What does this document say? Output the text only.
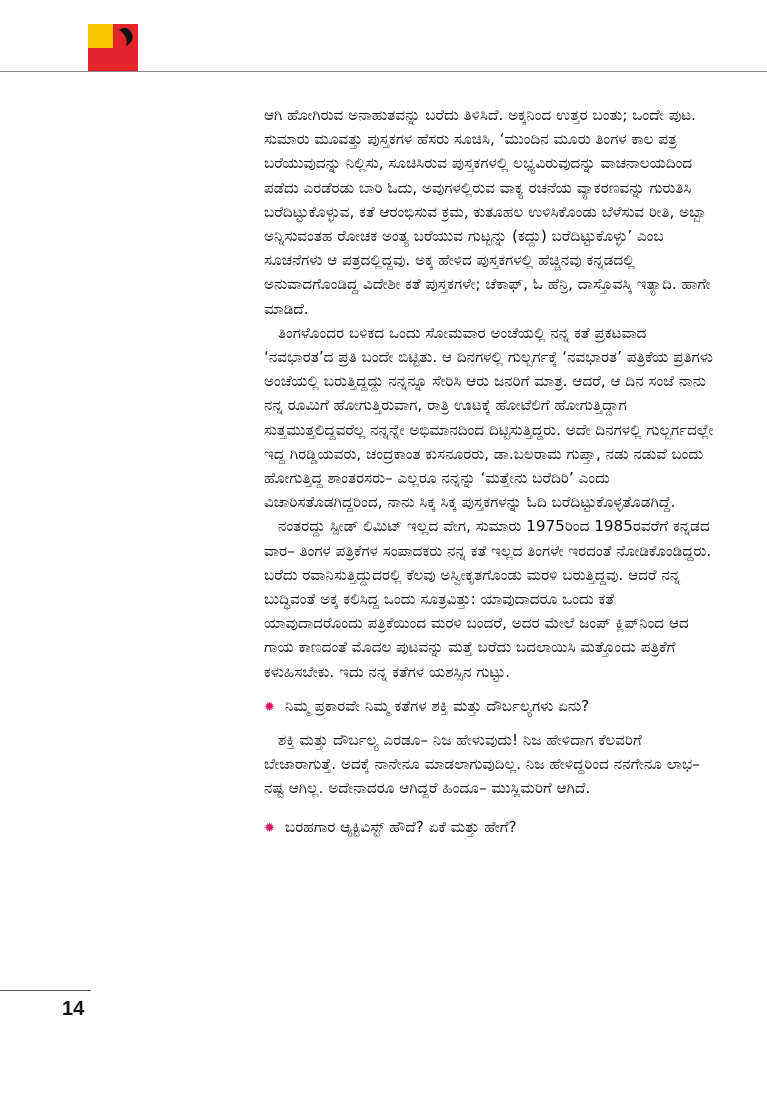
ಆಗಿ ಹೋಗಿರುವ ಅನಾಹುತವನ್ನು ಬರೆದು ತಿಳಿಸಿದೆ. ಅಕ್ಕನಿಂದ ಉತ್ತರ ಬಂತು; ಒಂದೇ ಪುಟ. ಸುಮಾರು ಮೂವತ್ತು ಪುಸ್ತಕಗಳ ಹೆಸರು ಸೂಚಿಸಿ, ‘ಮುಂದಿನ ಮೂರು ತಿಂಗಳ ಕಾಲ ಪತ್ರ ಬರೆಯುವುದನ್ನು ನಿಲ್ಲಿಸು, ಸೂಚಿಸಿರುವ ಪುಸ್ತಕಗಳಲ್ಲಿ ಲಭ್ಯವಿರುವುದನ್ನು ವಾಚನಾಲಯದಿಂದ ಪಡೆದು ಎರಡೆರಡು ಬಾರಿ ಓದು, ಅವುಗಳಲ್ಲಿರುವ ವಾಕ್ಯ ರಚನೆಯ ವ್ಯಾಕರಣವನ್ನು ಗುರುತಿಸಿ ಬರೆದಿಟ್ಟುಕೊಳ್ಳುವ, ಕತೆ ಆರಂಭಿಸುವ ಕ್ರಮ, ಕುತೂಹಲ ಉಳಿಸಿಕೊಂಡು ಬೆಳೆಸುವ ರೀತಿ, ಅಬ್ಬಾ ಅನ್ನಿಸುವಂತಹ ರೋಚಕ ಅಂತ್ಯ ಬರೆಯುವ ಗುಟ್ಟನ್ನು (ಕದ್ದು) ಬರೆದಿಟ್ಟುಕೊಳ್ಳು’ ಎಂಬ ಸೂಚನೆಗಳು ಆ ಪತ್ರದಲ್ಲಿದ್ದವು. ಅಕ್ಕ ಹೇಳಿದ ಪುಸ್ತಕಗಳಲ್ಲಿ ಹೆಚ್ಚಿನವು ಕನ್ನಡದಲ್ಲಿ ಅನುವಾದಗೊಂಡಿದ್ದ ವಿದೇಶೀ ಕತೆ ಪುಸ್ತಕಗಳೇ; ಚೆಕಾಫ್, ಓ ಹೆನ್ರಿ, ದಾಸ್ತೊವಸ್ಕಿ ಇತ್ಯಾದಿ. ಹಾಗೇ ಮಾಡಿದೆ.

ತಿಂಗಳೊಂದರ ಬಳಿಕದ ಒಂದು ಸೋಮವಾರ ಅಂಚೆಯಲ್ಲಿ ನನ್ನ ಕತೆ ಪ್ರಕಟವಾದ ‘ನವಭಾರತ’ದ ಪ್ರತಿ ಬಂದೇ ಬಿಟ್ಟಿತು. ಆ ದಿನಗಳಲ್ಲಿ ಗುಲ್ಬರ್ಗಕ್ಕೆ ‘ನವಭಾರತ’ ಪತ್ರಿಕೆಯ ಪ್ರತಿಗಳು ಅಂಚೆಯಲ್ಲಿ ಬರುತ್ತಿದ್ದದ್ದು ನನ್ನನ್ನೂ ಸೇರಿಸಿ ಆರು ಜನರಿಗೆ ಮಾತ್ರ. ಆದರೆ, ಆ ದಿನ ಸಂಜೆ ನಾನು ನನ್ನ ರೂಮಿಗೆ ಹೋಗುತ್ತಿರುವಾಗ, ರಾತ್ರಿ ಊಟಕ್ಕೆ ಹೋಟೆಲಿಗೆ ಹೋಗುತ್ತಿದ್ದಾಗ ಸುತ್ತಮುತ್ತಲಿದ್ದವರೆಲ್ಲ ನನ್ನನ್ನೇ ಅಭಿಮಾನದಿಂದ ದಿಟ್ಟಿಸುತ್ತಿದ್ದರು. ಅದೇ ದಿನಗಳಲ್ಲಿ ಗುಲ್ಬರ್ಗದಲ್ಲೇ ಇದ್ದ ಗಿರಡ್ಡಿಯವರು, ಚಂದ್ರಕಾಂತ ಕುಸನೂರರು, ಡಾ.ಬಲರಾಮ ಗುಪ್ತಾ, ನಡು ನಡುವೆ ಬಂದು ಹೋಗುತ್ತಿದ್ದ ಶಾಂತರಸರು– ಎಲ್ಲರೂ ನನ್ನನ್ನು ‘ಮತ್ತೇನು ಬರೆದಿರಿ’ ಎಂದು ವಿಚಾರಿಸತೊಡಗಿದ್ದರಿಂದ, ನಾನು ಸಿಕ್ಕ ಸಿಕ್ಕ ಪುಸ್ತಕಗಳನ್ನು ಓದಿ ಬರೆದಿಟ್ಟುಕೊಳ್ಳತೊಡಗಿದ್ದೆ.

ನಂತರದ್ದು ಸ್ಪೀಡ್ ಲಿಮಿಟ್ ಇಲ್ಲದ ವೇಗ, ಸುಮಾರು 1975ರಿಂದ 1985ರವರೆಗೆ ಕನ್ನಡದ ವಾರ– ತಿಂಗಳ ಪತ್ರಿಕೆಗಳ ಸಂಪಾದಕರು ನನ್ನ ಕತೆ ಇಲ್ಲದ ತಿಂಗಳೇ ಇರದಂತೆ ನೋಡಿಕೊಂಡಿದ್ದರು. ಬರೆದು ರವಾನಿಸುತ್ತಿದ್ದುದರಲ್ಲಿ ಕೆಲವು ಅಸ್ವೀಕೃತಗೊಂಡು ಮರಳಿ ಬರುತ್ತಿದ್ದವು. ಆದರೆ ನನ್ನ ಬುದ್ಧಿವಂತೆ ಅಕ್ಕ ಕಲಿಸಿದ್ದ ಒಂದು ಸೂತ್ರವಿತ್ತು: ಯಾವುದಾದರೂ ಒಂದು ಕತೆ ಯಾವುದಾದರೊಂದು ಪತ್ರಿಕೆಯಿಂದ ಮರಳಿ ಬಂದರೆ, ಅದರ ಮೇಲೆ ಜಂಪ್ ಕ್ಲಿಪ್‌ನಿಂದ ಆದ ಗಾಯ ಕಾಣದಂತೆ ಮೊದಲ ಪುಟವನ್ನು ಮತ್ತೆ ಬರೆದು ಬದಲಾಯಿಸಿ ಮತ್ತೊಂದು ಪತ್ರಿಕೆಗೆ ಕಳುಹಿಸಬೇಕು. ಇದು ನನ್ನ ಕತೆಗಳ ಯಶಸ್ಸಿನ ಗುಟ್ಟು.

✹ ನಿಮ್ಮ ಪ್ರಕಾರವೇ ನಿಮ್ಮ ಕತೆಗಳ ಶಕ್ತಿ ಮತ್ತು ದೌರ್ಬಲ್ಯಗಳು ಏನು?

ಶಕ್ತಿ ಮತ್ತು ದೌರ್ಬಲ್ಯ ಎರಡೂ– ನಿಜ ಹೇಳುವುದು! ನಿಜ ಹೇಳಿದಾಗ ಕೆಲವರಿಗೆ ಬೇಜಾರಾಗುತ್ತೆ. ಅದಕ್ಕೆ ನಾನೇನೂ ಮಾಡಲಾಗುವುದಿಲ್ಲ. ನಿಜ ಹೇಳಿದ್ದರಿಂದ ನನಗೇನೂ ಲಾಭ–ನಷ್ಟ ಆಗಿಲ್ಲ. ಅದೇನಾದರೂ ಆಗಿದ್ದರೆ ಹಿಂದೂ– ಮುಸ್ಲಿಮರಿಗೆ ಆಗಿದೆ.

✹ ಬರಹಗಾರ ಆ್ಯಕ್ಟಿವಿಸ್ಟ್ ಹೌದೆ? ಏಕೆ ಮತ್ತು ಹೇಗೆ?

14
